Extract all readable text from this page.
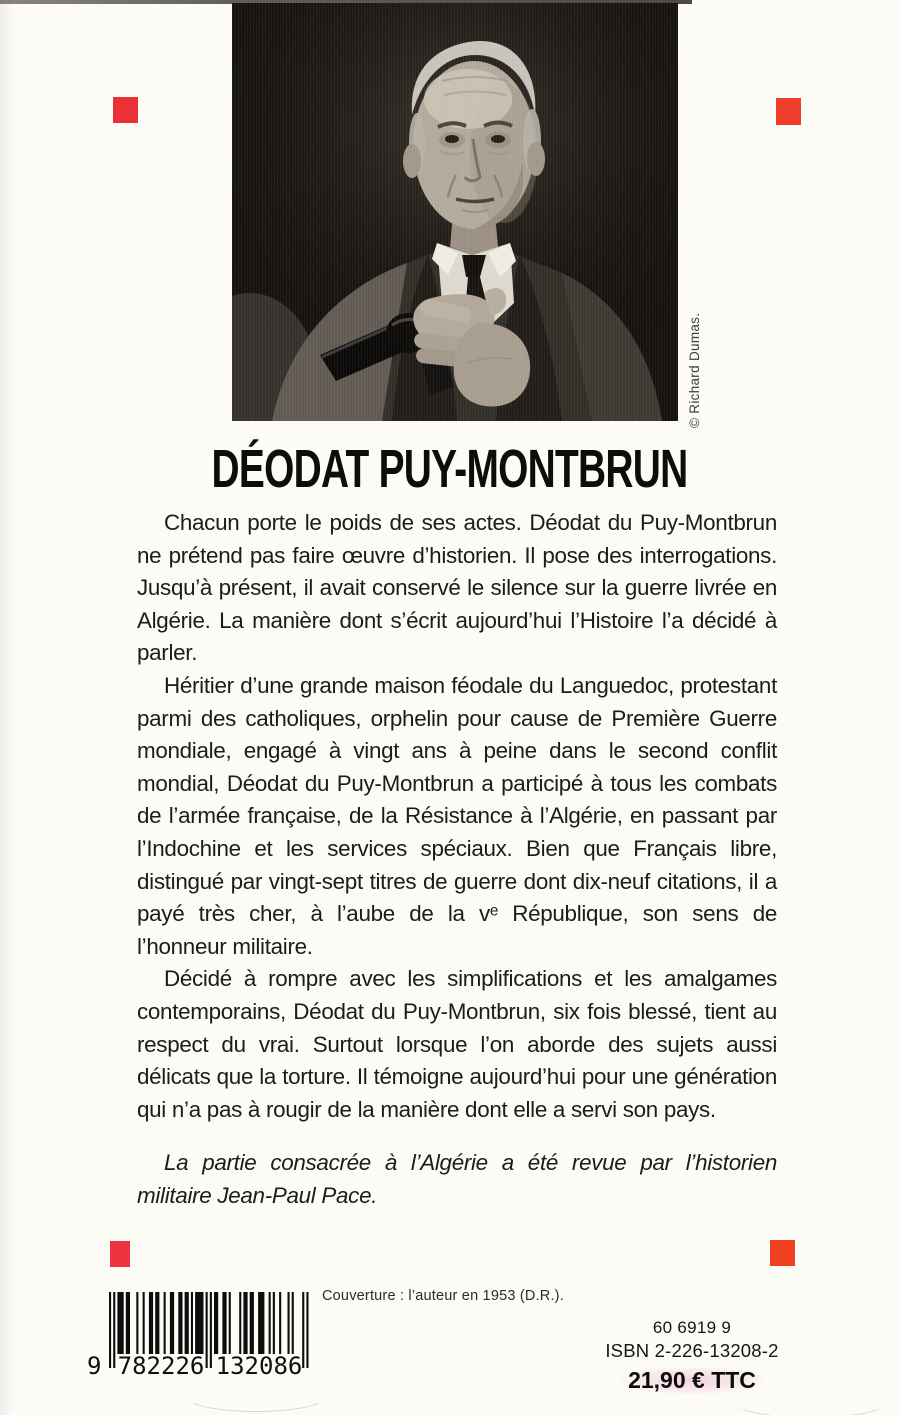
© Richard Dumas.
DÉODAT PUY-MONTBRUN

Chacun porte le poids de ses actes. Déodat du Puy-Montbrun ne prétend pas faire œuvre d’historien. Il pose des interrogations. Jusqu’à présent, il avait conservé le silence sur la guerre livrée en Algérie. La manière dont s’écrit aujourd’hui l’Histoire l’a décidé à parler.

Héritier d’une grande maison féodale du Languedoc, protestant parmi des catholiques, orphelin pour cause de Première Guerre mondiale, engagé à vingt ans à peine dans le second conflit mondial, Déodat du Puy-Montbrun a participé à tous les combats de l’armée française, de la Résistance à l’Algérie, en passant par l’Indochine et les services spéciaux. Bien que Français libre, distingué par vingt-sept titres de guerre dont dix-neuf citations, il a payé très cher, à l’aube de la vᵉ République, son sens de l’honneur militaire.

Décidé à rompre avec les simplifications et les amalgames contemporains, Déodat du Puy-Montbrun, six fois blessé, tient au respect du vrai. Surtout lorsque l’on aborde des sujets aussi délicats que la torture. Il témoigne aujourd’hui pour une génération qui n’a pas à rougir de la manière dont elle a servi son pays.

La partie consacrée à l’Algérie a été revue par l’historien militaire Jean-Paul Pace.

Couverture : l’auteur en 1953 (D.R.).
9 782226 132086
60 6919 9
ISBN 2-226-13208-2
21,90 € TTC
